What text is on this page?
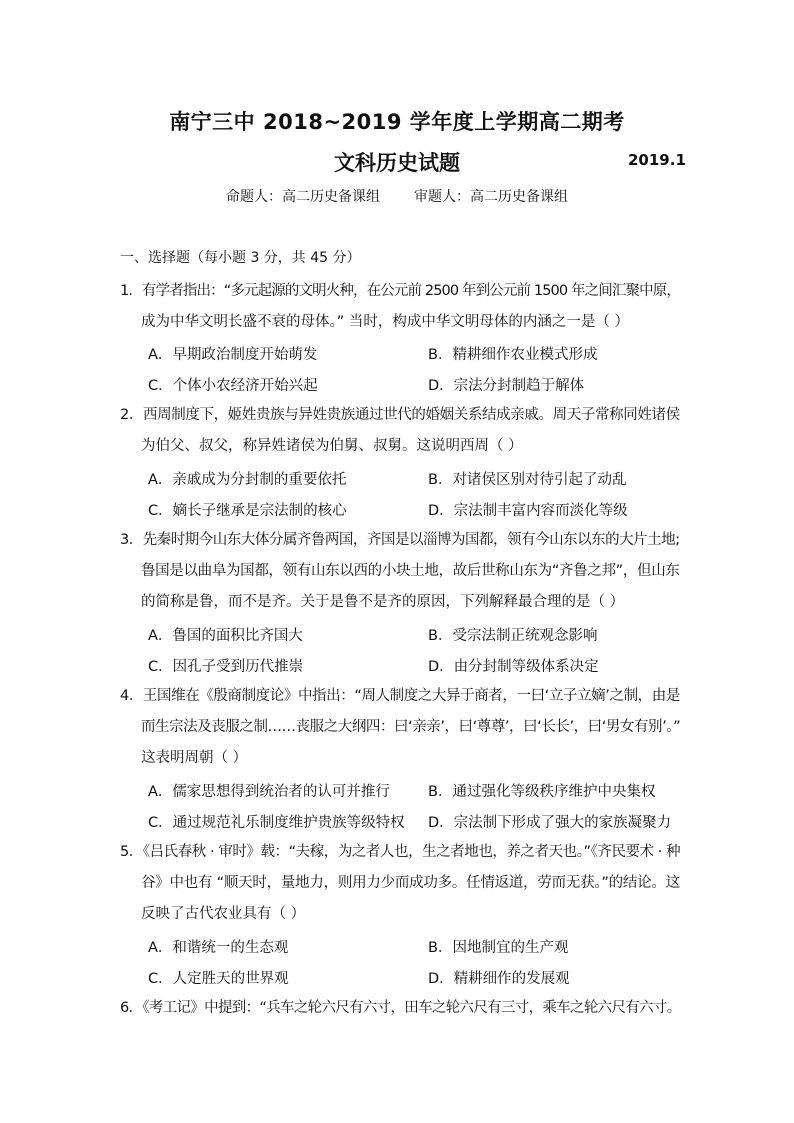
南宁三中 2018~2019 学年度上学期高二期考
文科历史试题	2019.1
命题人：高二历史备课组 审题人：高二历史备课组
一、选择题（每小题 3 分，共 45 分）
1．有学者指出：“多元起源的文明火种，在公元前 2500 年到公元前 1500 年之间汇聚中原，
成为中华文明长盛不衰的母体。” 当时，构成中华文明母体的内涵之一是（ ）
A．早期政治制度开始萌发	B．精耕细作农业模式形成
C．个体小农经济开始兴起	D．宗法分封制趋于解体
2．西周制度下，姬姓贵族与异姓贵族通过世代的婚姻关系结成亲戚。周天子常称同姓诸侯
为伯父、叔父，称异姓诸侯为伯舅、叔舅。这说明西周（ ）
A．亲戚成为分封制的重要依托	B．对诸侯区别对待引起了动乱
C．嫡长子继承是宗法制的核心	D．宗法制丰富内容而淡化等级
3．先秦时期今山东大体分属齐鲁两国，齐国是以淄博为国都，领有今山东以东的大片土地;
鲁国是以曲阜为国都，领有山东以西的小块土地，故后世称山东为“齐鲁之邦”，但山东
的简称是鲁，而不是齐。关于是鲁不是齐的原因，下列解释最合理的是（ ）
A．鲁国的面积比齐国大	B．受宗法制正统观念影响
C．因孔子受到历代推崇	D．由分封制等级体系决定
4．王国维在《殷商制度论》中指出：“周人制度之大异于商者，一曰‘立子立嫡’之制，由是
而生宗法及丧服之制……丧服之大纲四：曰‘亲亲’，曰‘尊尊’，曰‘长长’，曰‘男女有别’。”
这表明周朝（ ）
A．儒家思想得到统治者的认可并推行	B．通过强化等级秩序维护中央集权
C．通过规范礼乐制度维护贵族等级特权 D．宗法制下形成了强大的家族凝聚力
5．《吕氏春秋 · 审时》载：“夫稼，为之者人也，生之者地也，养之者天也。”《齐民要术 · 种
谷》中也有 “顺天时，量地力，则用力少而成功多。任情返道，劳而无获。”的结论。这
反映了古代农业具有（ ）
A．和谐统一的生态观	B．因地制宜的生产观
C．人定胜天的世界观	D．精耕细作的发展观
6．《考工记》中提到：“兵车之轮六尺有六寸，田车之轮六尺有三寸，乘车之轮六尺有六寸。
